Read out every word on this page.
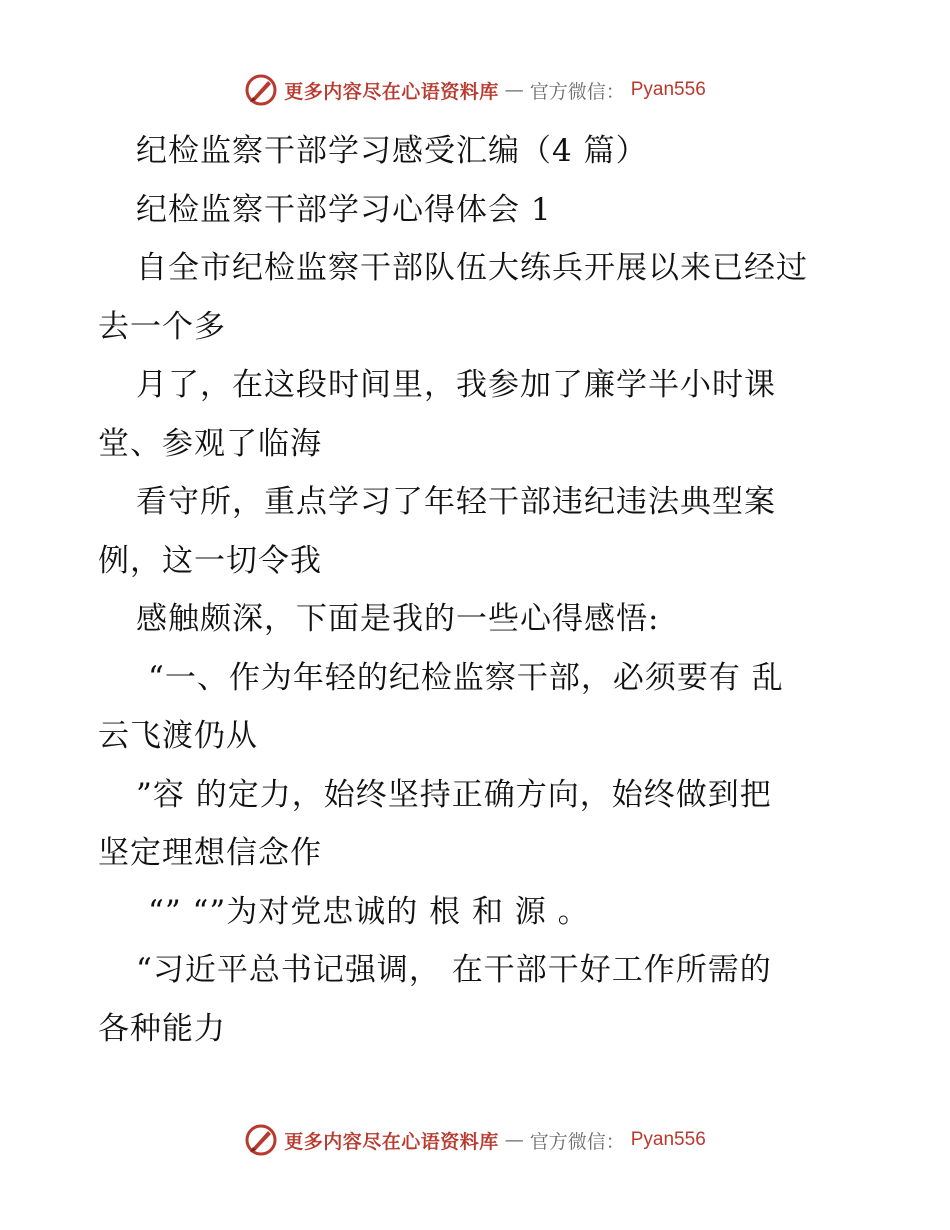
更多内容尽在心语资料库 — 官方微信： Pyan556
纪检监察干部学习感受汇编（4 篇）
纪检监察干部学习心得体会 1
自全市纪检监察干部队伍大练兵开展以来已经过
去一个多
月了，在这段时间里，我参加了廉学半小时课
堂、参观了临海
看守所，重点学习了年轻干部违纪违法典型案
例，这一切令我
感触颇深，下面是我的一些心得感悟:
“一、作为年轻的纪检监察干部，必须要有 乱
云飞渡仍从
”容 的定力，始终坚持正确方向，始终做到把
坚定理想信念作
“” “”为对党忠诚的 根 和 源 。
“习近平总书记强调， 在干部干好工作所需的
各种能力
更多内容尽在心语资料库 — 官方微信： Pyan556
